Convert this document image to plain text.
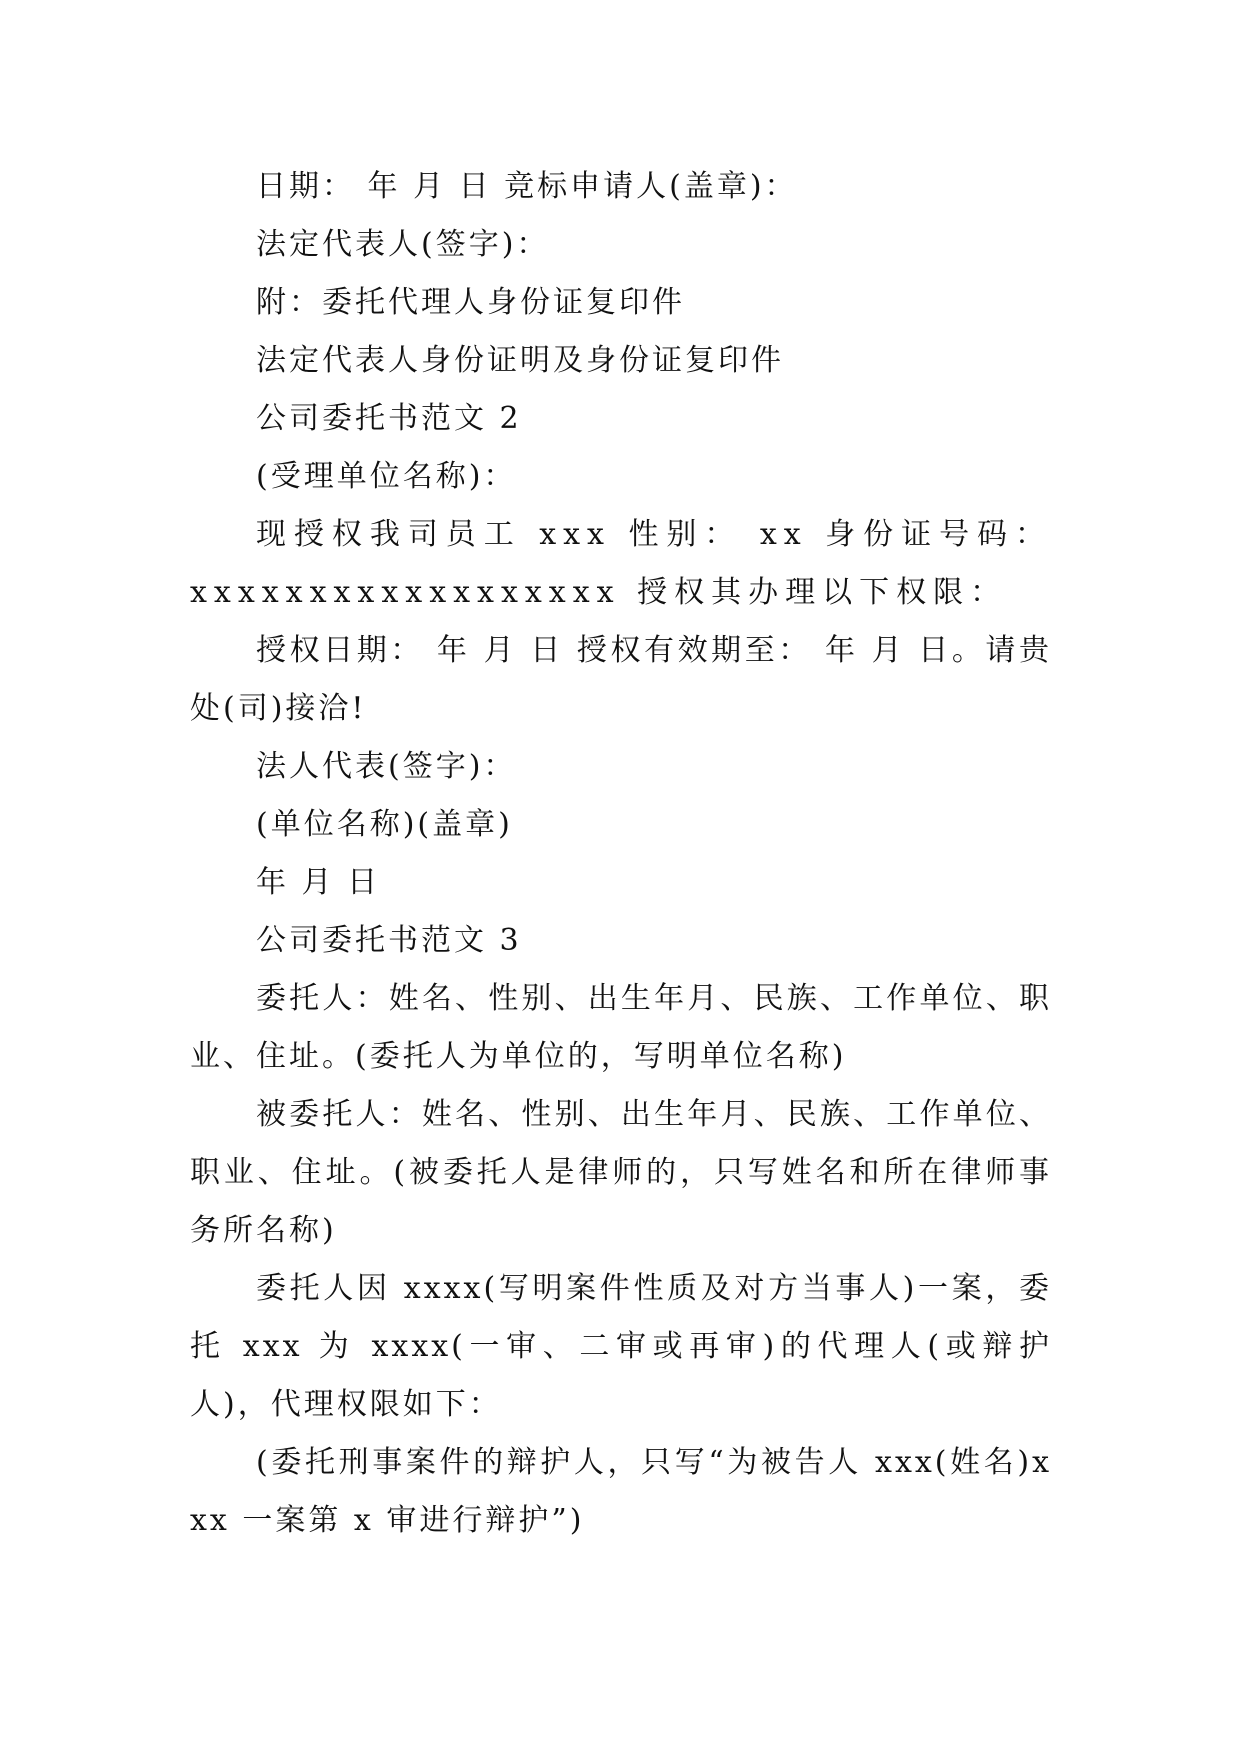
日期： 年 月 日 竞标申请人(盖章)：

法定代表人(签字)：

附：委托代理人身份证复印件

法定代表人身份证明及身份证复印件

公司委托书范文 2

(受理单位名称)：

现授权我司员工 xxx 性别： xx 身份证号码：xxxxxxxxxxxxxxxxxx 授权其办理以下权限：

授权日期： 年 月 日 授权有效期至： 年 月 日。请贵处(司)接洽!

法人代表(签字)：

(单位名称)(盖章)

年 月 日

公司委托书范文 3

委托人：姓名、性别、出生年月、民族、工作单位、职业、住址。(委托人为单位的，写明单位名称)

被委托人：姓名、性别、出生年月、民族、工作单位、职业、住址。(被委托人是律师的，只写姓名和所在律师事务所名称)

委托人因 xxxx(写明案件性质及对方当事人)一案，委托 xxx 为 xxxx(一审、二审或再审)的代理人(或辩护人)，代理权限如下：

(委托刑事案件的辩护人，只写“为被告人 xxx(姓名)xxx 一案第 x 审进行辩护”)
